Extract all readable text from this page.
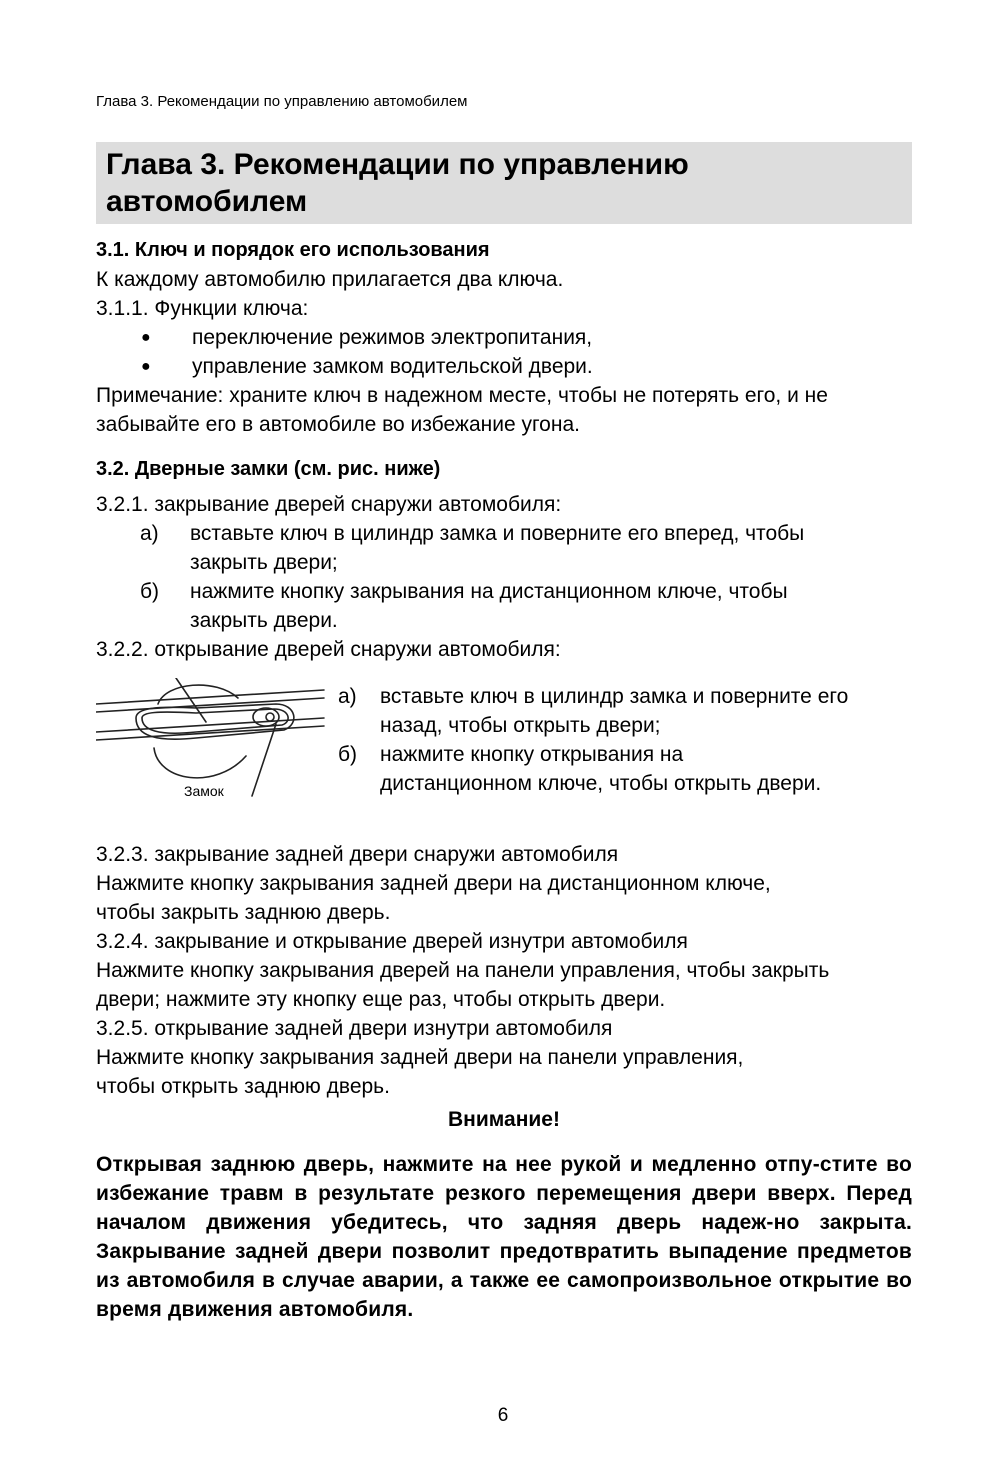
Глава 3. Рекомендации по управлению автомобилем
Глава 3. Рекомендации по управлению
автомобилем

3.1. Ключ и порядок его использования

К каждому автомобилю прилагается два ключа.

3.1.1. Функции ключа:

● переключение режимов электропитания,
● управление замком водительской двери.

Примечание: храните ключ в надежном месте, чтобы не потерять его, и не
забывайте его в автомобиле во избежание угона.

3.2. Дверные замки (см. рис. ниже)

3.2.1. закрывание дверей снаружи автомобиля:

а) вставьте ключ в цилиндр замка и поверните его вперед, чтобы
закрыть двери;
б) нажмите кнопку закрывания на дистанционном ключе, чтобы
закрыть двери.

3.2.2. открывание дверей снаружи автомобиля:

Замок
а) вставьте ключ в цилиндр замка и поверните его
назад, чтобы открыть двери;
б) нажмите кнопку открывания на
дистанционном ключе, чтобы открыть двери.

3.2.3. закрывание задней двери снаружи автомобиля

Нажмите кнопку закрывания задней двери на дистанционном ключе,
чтобы закрыть заднюю дверь.

3.2.4. закрывание и открывание дверей изнутри автомобиля

Нажмите кнопку закрывания дверей на панели управления, чтобы закрыть
двери; нажмите эту кнопку еще раз, чтобы открыть двери.

3.2.5. открывание задней двери изнутри автомобиля

Нажмите кнопку закрывания задней двери на панели управления,
чтобы открыть заднюю дверь.

Внимание!

Открывая заднюю дверь, нажмите на нее рукой и медленно отпу-стите во избежание травм в результате резкого перемещения двери вверх. Перед началом движения убедитесь, что задняя дверь надеж-но закрыта. Закрывание задней двери позволит предотвратить выпадение предметов из автомобиля в случае аварии, а также ее самопроизвольное открытие во время движения автомобиля.

6
